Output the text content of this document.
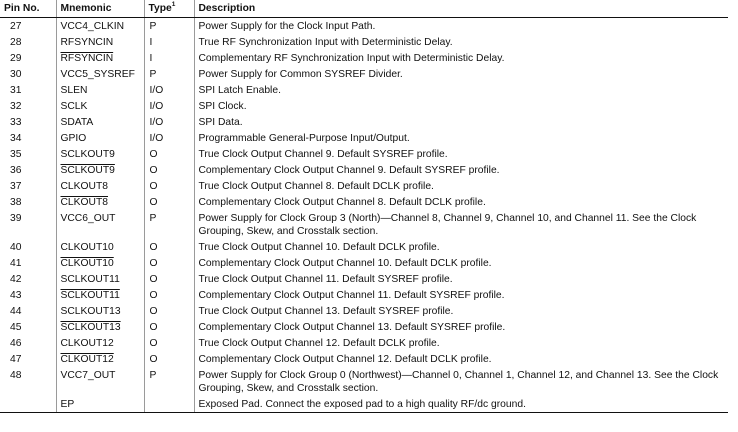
Pin No.	Mnemonic	Type$^1$	Description
27	VCC4_CLKIN	P	Power Supply for the Clock Input Path.
28	RFSYNCIN	I	True RF Synchronization Input with Deterministic Delay.
29	RFSYNCIN	I	Complementary RF Synchronization Input with Deterministic Delay.
30	VCC5_SYSREF	P	Power Supply for Common SYSREF Divider.
31	SLEN	I/O	SPI Latch Enable.
32	SCLK	I/O	SPI Clock.
33	SDATA	I/O	SPI Data.
34	GPIO	I/O	Programmable General-Purpose Input/Output.
35	SCLKOUT9	O	True Clock Output Channel 9. Default SYSREF profile.
36	SCLKOUT9	O	Complementary Clock Output Channel 9. Default SYSREF profile.
37	CLKOUT8	O	True Clock Output Channel 8. Default DCLK profile.
38	CLKOUT8	O	Complementary Clock Output Channel 8. Default DCLK profile.
39	VCC6_OUT	P	Power Supply for Clock Group 3 (North)—Channel 8, Channel 9, Channel 10, and Channel 11. See the Clock Grouping, Skew, and Crosstalk section.
40	CLKOUT10	O	True Clock Output Channel 10. Default DCLK profile.
41	CLKOUT10	O	Complementary Clock Output Channel 10. Default DCLK profile.
42	SCLKOUT11	O	True Clock Output Channel 11. Default SYSREF profile.
43	SCLKOUT11	O	Complementary Clock Output Channel 11. Default SYSREF profile.
44	SCLKOUT13	O	True Clock Output Channel 13. Default SYSREF profile.
45	SCLKOUT13	O	Complementary Clock Output Channel 13. Default SYSREF profile.
46	CLKOUT12	O	True Clock Output Channel 12. Default DCLK profile.
47	CLKOUT12	O	Complementary Clock Output Channel 12. Default DCLK profile.
48	VCC7_OUT	P	Power Supply for Clock Group 0 (Northwest)—Channel 0, Channel 1, Channel 12, and Channel 13. See the Clock Grouping, Skew, and Crosstalk section.
	EP		Exposed Pad. Connect the exposed pad to a high quality RF/dc ground.
